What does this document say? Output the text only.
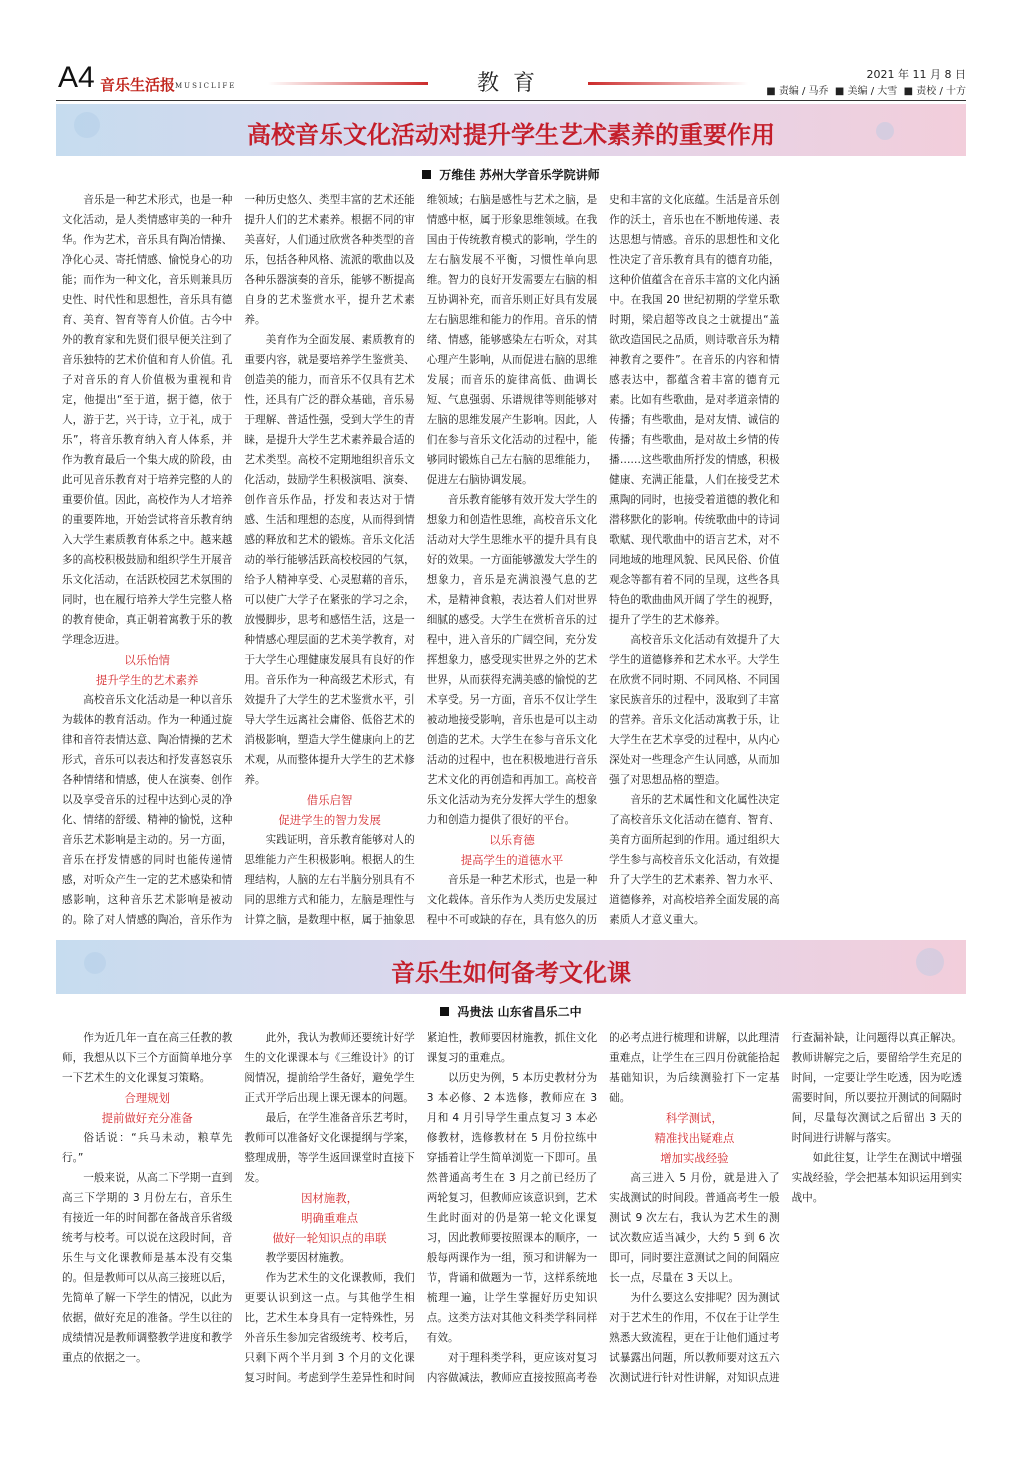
A4 音乐生活报 MUSICLIFE	教育	2021 年 11 月 8 日
■ 责编 / 马乔 ■ 美编 / 大雪 ■ 责校 / 十方
高校音乐文化活动对提升学生艺术素养的重要作用
万维佳 苏州大学音乐学院讲师

音乐是一种艺术形式，也是一种文化活动，是人类情感审美的一种升华。作为艺术，音乐具有陶冶情操、净化心灵、寄托情感、愉悦身心的功能；而作为一种文化，音乐则兼具历史性、时代性和思想性，音乐具有德育、美育、智育等育人价值。古今中外的教育家和先贤们很早便关注到了音乐独特的艺术价值和育人价值。孔子对音乐的育人价值极为重视和肯定，他提出“至于道，据于德，依于人，游于艺，兴于诗，立于礼，成于乐”，将音乐教育纳入育人体系，并作为教育最后一个集大成的阶段，由此可见音乐教育对于培养完整的人的重要价值。因此，高校作为人才培养的重要阵地，开始尝试将音乐教育纳入大学生素质教育体系之中。越来越多的高校积极鼓励和组织学生开展音乐文化活动，在活跃校园艺术氛围的同时，也在履行培养大学生完整人格的教育使命，真正朝着寓教于乐的教学理念迈进。

以乐怡情

提升学生的艺术素养

高校音乐文化活动是一种以音乐为载体的教育活动。作为一种通过旋律和音符表情达意、陶冶情操的艺术形式，音乐可以表达和抒发喜怒哀乐各种情绪和情感，使人在演奏、创作以及享受音乐的过程中达到心灵的净化、情绪的舒缓、精神的愉悦，这种音乐艺术影响是主动的。另一方面，音乐在抒发情感的同时也能传递情感，对听众产生一定的艺术感染和情感影响，这种音乐艺术影响是被动的。除了对人情感的陶冶，音乐作为一种历史悠久、类型丰富的艺术还能提升人们的艺术素养。根据不同的审美喜好，人们通过欣赏各种类型的音乐，包括各种风格、流派的歌曲以及各种乐器演奏的音乐，能够不断提高自身的艺术鉴赏水平，提升艺术素养。

美育作为全面发展、素质教育的重要内容，就是要培养学生鉴赏美、创造美的能力，而音乐不仅具有艺术性，还具有广泛的群众基础，音乐易于理解、普适性强，受到大学生的青睐，是提升大学生艺术素养最合适的艺术类型。高校不定期地组织音乐文化活动，鼓励学生积极演唱、演奏、创作音乐作品，抒发和表达对于情感、生活和理想的态度，从而得到情感的释放和艺术的锻炼。音乐文化活动的举行能够活跃高校校园的气氛，给予人精神享受、心灵慰藉的音乐，可以使广大学子在紧张的学习之余，放慢脚步，思考和感悟生活，这是一种情感心理层面的艺术美学教育，对于大学生心理健康发展具有良好的作用。音乐作为一种高级艺术形式，有效提升了大学生的艺术鉴赏水平，引导大学生远离社会庸俗、低俗艺术的消极影响，塑造大学生健康向上的艺术观，从而整体提升大学生的艺术修养。

借乐启智

促进学生的智力发展

实践证明，音乐教育能够对人的思维能力产生积极影响。根据人的生理结构，人脑的左右半脑分别具有不同的思维方式和能力，左脑是理性与计算之脑，是数理中枢，属于抽象思维领域；右脑是感性与艺术之脑，是情感中枢，属于形象思维领域。在我国由于传统教育模式的影响，学生的左右脑发展不平衡，习惯性单向思维。智力的良好开发需要左右脑的相互协调补充，而音乐则正好具有发展左右脑思维和能力的作用。音乐的情绪、情感，能够感染左右听众，对其心理产生影响，从而促进右脑的思维发展；而音乐的旋律高低、曲调长短、气息强弱、乐谱规律等则能够对左脑的思维发展产生影响。因此，人们在参与音乐文化活动的过程中，能够同时锻炼自己左右脑的思维能力，促进左右脑协调发展。

音乐教育能够有效开发大学生的想象力和创造性思维，高校音乐文化活动对大学生思维水平的提升具有良好的效果。一方面能够激发大学生的想象力，音乐是充满浪漫气息的艺术，是精神食粮，表达着人们对世界细腻的感受。大学生在赏析音乐的过程中，进入音乐的广阔空间，充分发挥想象力，感受现实世界之外的艺术世界，从而获得充满美感的愉悦的艺术享受。另一方面，音乐不仅让学生被动地接受影响，音乐也是可以主动创造的艺术。大学生在参与音乐文化活动的过程中，也在积极地进行音乐艺术文化的再创造和再加工。高校音乐文化活动为充分发挥大学生的想象力和创造力提供了很好的平台。

以乐育德

提高学生的道德水平

音乐是一种艺术形式，也是一种文化载体。音乐作为人类历史发展过程中不可或缺的存在，具有悠久的历史和丰富的文化底蕴。生活是音乐创作的沃土，音乐也在不断地传递、表达思想与情感。音乐的思想性和文化性决定了音乐教育具有的德育功能，这种价值蕴含在音乐丰富的文化内涵中。在我国 20 世纪初期的学堂乐歌时期，梁启超等改良之士就提出“盖欲改造国民之品质，则诗歌音乐为精神教育之要件”。在音乐的内容和情感表达中，都蕴含着丰富的德育元素。比如有些歌曲，是对孝道亲情的传播；有些歌曲，是对友情、诚信的传播；有些歌曲，是对故土乡情的传播……这些歌曲所抒发的情感，积极健康、充满正能量，人们在接受艺术熏陶的同时，也接受着道德的教化和潜移默化的影响。传统歌曲中的诗词歌赋、现代歌曲中的语言艺术，对不同地域的地理风貌、民风民俗、价值观念等都有着不同的呈现，这些各具特色的歌曲曲风开阔了学生的视野，提升了学生的艺术修养。

高校音乐文化活动有效提升了大学生的道德修养和艺术水平。大学生在欣赏不同时期、不同风格、不同国家民族音乐的过程中，汲取到了丰富的营养。音乐文化活动寓教于乐，让大学生在艺术享受的过程中，从内心深处对一些理念产生认同感，从而加强了对思想品格的塑造。

音乐的艺术属性和文化属性决定了高校音乐文化活动在德育、智育、美育方面所起到的作用。通过组织大学生参与高校音乐文化活动，有效提升了大学生的艺术素养、智力水平、道德修养，对高校培养全面发展的高素质人才意义重大。

音乐生如何备考文化课
冯贵法 山东省昌乐二中

作为近几年一直在高三任教的教师，我想从以下三个方面简单地分享一下艺术生的文化课复习策略。

合理规划

提前做好充分准备

俗话说：“兵马未动，粮草先行。”

一般来说，从高二下学期一直到高三下学期的 3 月份左右，音乐生有接近一年的时间都在备战音乐省级统考与校考。可以说在这段时间，音乐生与文化课教师是基本没有交集的。但是教师可以从高三接班以后，先简单了解一下学生的情况，以此为依据，做好充足的准备。学生以往的成绩情况是教师调整教学进度和教学重点的依据之一。

此外，我认为教师还要统计好学生的文化课课本与《三维设计》的订阅情况，提前给学生备好，避免学生正式开学后出现上课无课本的问题。

最后，在学生准备音乐艺考时，教师可以准备好文化课提纲与学案，整理成册，等学生返回课堂时直接下发。

因材施教，

明确重难点

做好一轮知识点的串联

教学要因材施教。

作为艺术生的文化课教师，我们更要认识到这一点。与其他学生相比，艺术生本身具有一定特殊性，另外音乐生参加完省级统考、校考后，只剩下两个半月到 3 个月的文化课复习时间。考虑到学生差异性和时间紧迫性，教师要因材施教，抓住文化课复习的重难点。

以历史为例，5 本历史教材分为 3 本必修、2 本选修，教师应在 3 月和 4 月引导学生重点复习 3 本必修教材，选修教材在 5 月份拉练中穿插着让学生简单浏览一下即可。虽然普通高考生在 3 月之前已经历了两轮复习，但教师应该意识到，艺术生此时面对的仍是第一轮文化课复习，因此教师要按照课本的顺序，一般每两课作为一组，预习和讲解为一节，背诵和做题为一节，这样系统地梳理一遍，让学生掌握好历史知识点。这类方法对其他文科类学科同样有效。

对于理科类学科，更应该对复习内容做减法，教师应直接按照高考卷的必考点进行梳理和讲解，以此理清重难点，让学生在三四月份就能拾起基础知识，为后续测验打下一定基础。

科学测试，

精准找出疑难点

增加实战经验

高三进入 5 月份，就是进入了实战测试的时间段。普通高考生一般测试 9 次左右，我认为艺术生的测试次数应适当减少，大约 5 到 6 次即可，同时要注意测试之间的间隔应长一点，尽量在 3 天以上。

为什么要这么安排呢？因为测试对于艺术生的作用，不仅在于让学生熟悉大致流程，更在于让他们通过考试暴露出问题，所以教师要对这五六次测试进行针对性讲解，对知识点进行查漏补缺，让问题得以真正解决。教师讲解完之后，要留给学生充足的时间，一定要让学生吃透，因为吃透需要时间，所以要拉开测试的间隔时间，尽量每次测试之后留出 3 天的时间进行讲解与落实。

如此往复，让学生在测试中增强实战经验，学会把基本知识运用到实战中。
